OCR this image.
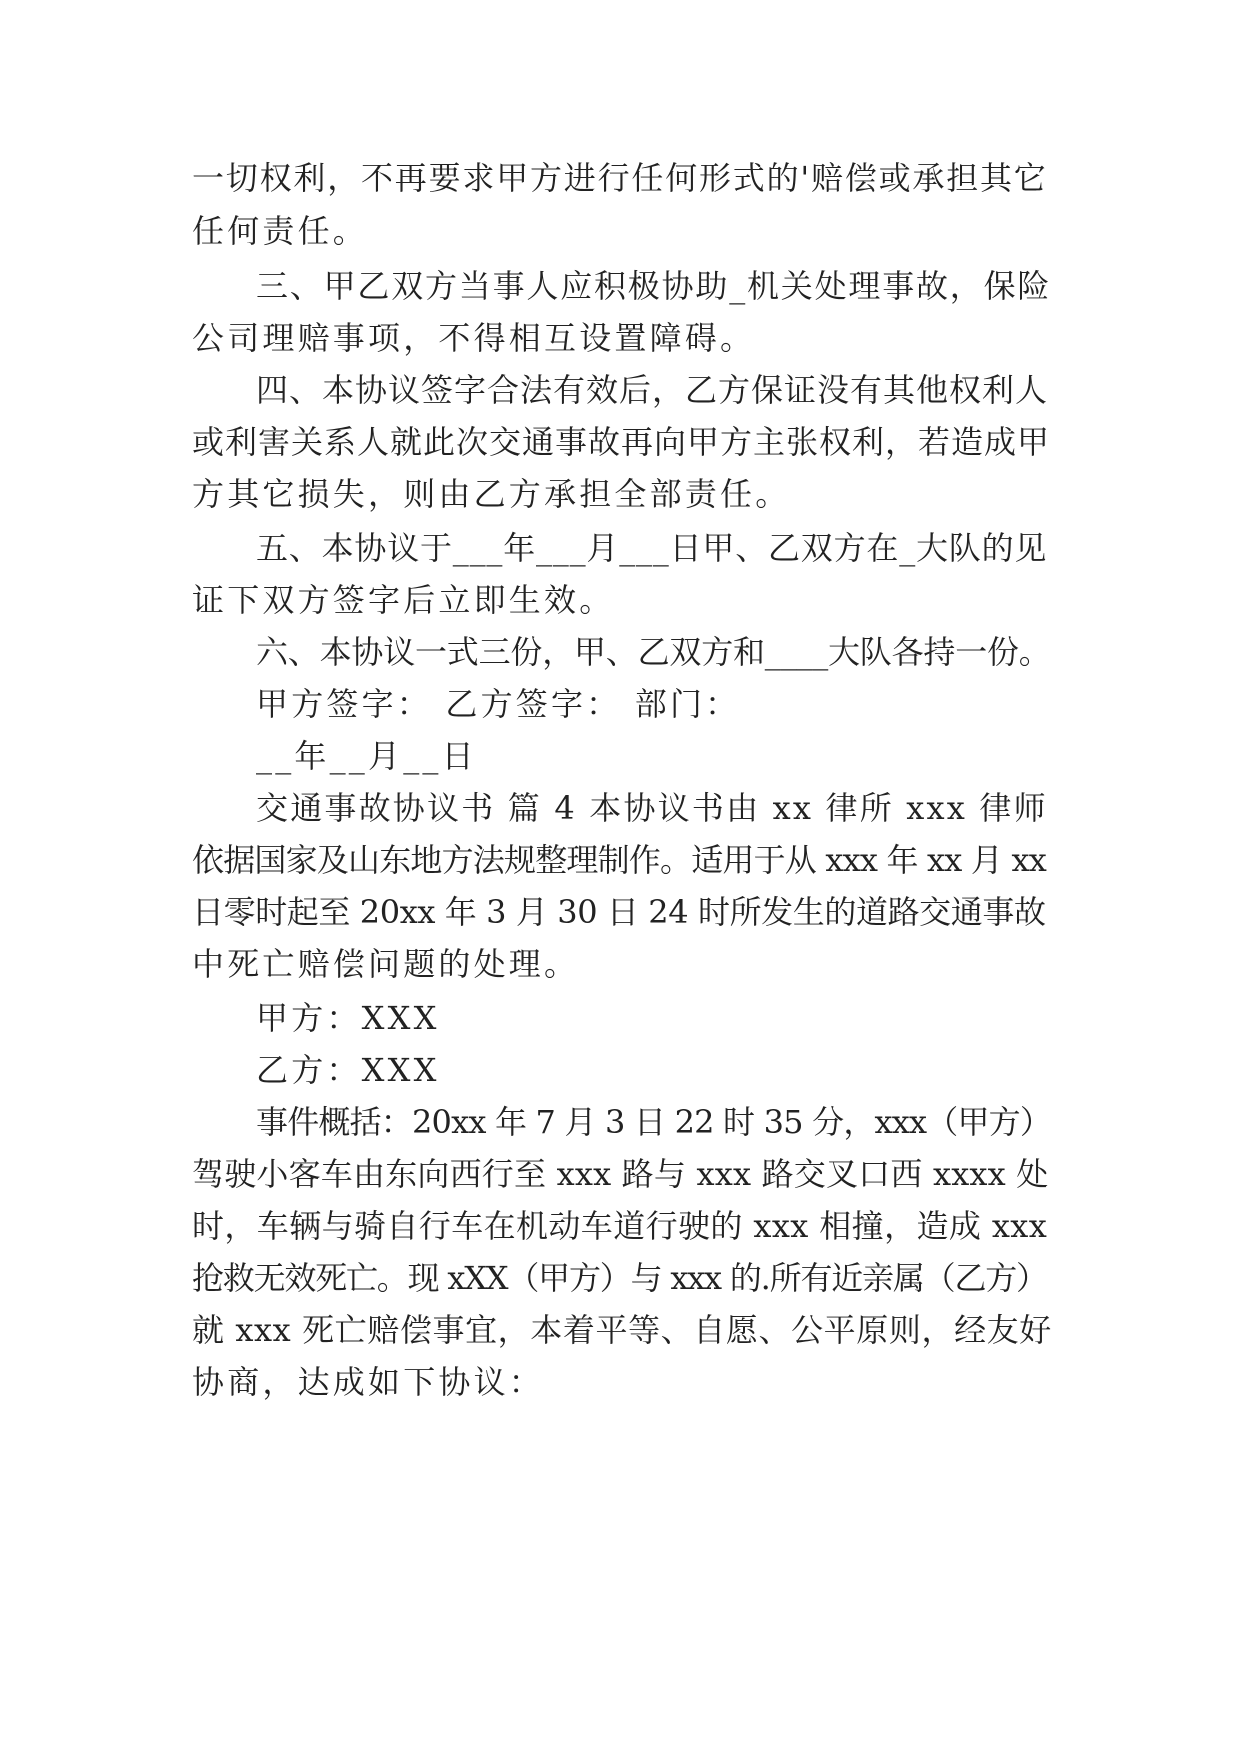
一切权利，不再要求甲方进行任何形式的'赔偿或承担其它
任何责任。
三、甲乙双方当事人应积极协助_机关处理事故，保险
公司理赔事项，不得相互设置障碍。
四、本协议签字合法有效后，乙方保证没有其他权利人
或利害关系人就此次交通事故再向甲方主张权利，若造成甲
方其它损失，则由乙方承担全部责任。
五、本协议于___年___月___日甲、乙双方在_大队的见
证下双方签字后立即生效。
六、本协议一式三份，甲、乙双方和____大队各持一份。
甲方签字： 乙方签字： 部门：
__年__月__日
交通事故协议书 篇 4 本协议书由 xx 律所 xxx 律师
依据国家及山东地方法规整理制作。适用于从 xxx 年 xx 月 xx
日零时起至 20xx 年 3 月 30 日 24 时所发生的道路交通事故
中死亡赔偿问题的处理。
甲方：XXX
乙方：XXX
事件概括：20xx 年 7 月 3 日 22 时 35 分，xxx（甲方）
驾驶小客车由东向西行至 xxx 路与 xxx 路交叉口西 xxxx 处
时，车辆与骑自行车在机动车道行驶的 xxx 相撞，造成 xxx
抢救无效死亡。现 xXX（甲方）与 xxx 的.所有近亲属（乙方）
就 xxx 死亡赔偿事宜，本着平等、自愿、公平原则，经友好
协商，达成如下协议：
